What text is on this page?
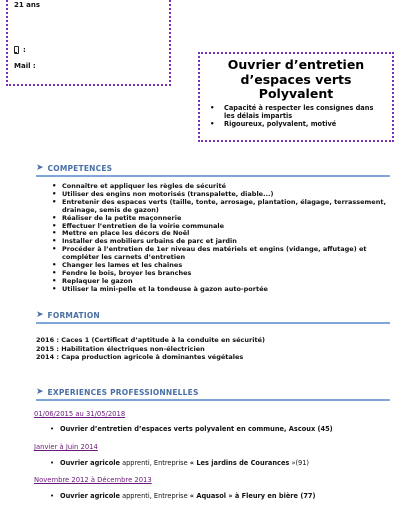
21 ans
:
Mail :	Ouvrier d’entretien
d’espaces verts
Polyvalent
• Capacité à respecter les consignes dans les délais impartis
• Rigoureux, polyvalent, motivé
➤ COMPETENCES
• Connaître et appliquer les règles de sécurité
• Utiliser des engins non motorisés (transpalette, diable...)
• Entretenir des espaces verts (taille, tonte, arrosage, plantation, élagage, terrassement, drainage, semis de gazon)
• Réaliser de la petite maçonnerie
• Effectuer l’entretien de la voirie communale
• Mettre en place les décors de Noël
• Installer des mobiliers urbains de parc et jardin
• Procéder à l’entretien de 1er niveau des matériels et engins (vidange, affutage) et compléter les carnets d’entretien
• Changer les lames et les chaînes
• Fendre le bois, broyer les branches
• Replaquer le gazon
• Utiliser la mini-pelle et la tondeuse à gazon auto-portée
➤ FORMATION
2016 : Caces 1 (Certificat d’aptitude à la conduite en sécurité)
2015 : Habilitation électriques non-électricien
2014 : Capa production agricole à dominantes végétales
➤ EXPERIENCES PROFESSIONNELLES
01/06/2015 au 31/05/2018
• Ouvrier d’entretien d’espaces verts polyvalent en commune, Ascoux (45)
Janvier à Juin 2014
• Ouvrier agricole apprenti, Entreprise « Les jardins de Courances »(91)
Novembre 2012 à Décembre 2013
• Ouvrier agricole apprenti, Entreprise « Aquasol » à Fleury en bière (77)
